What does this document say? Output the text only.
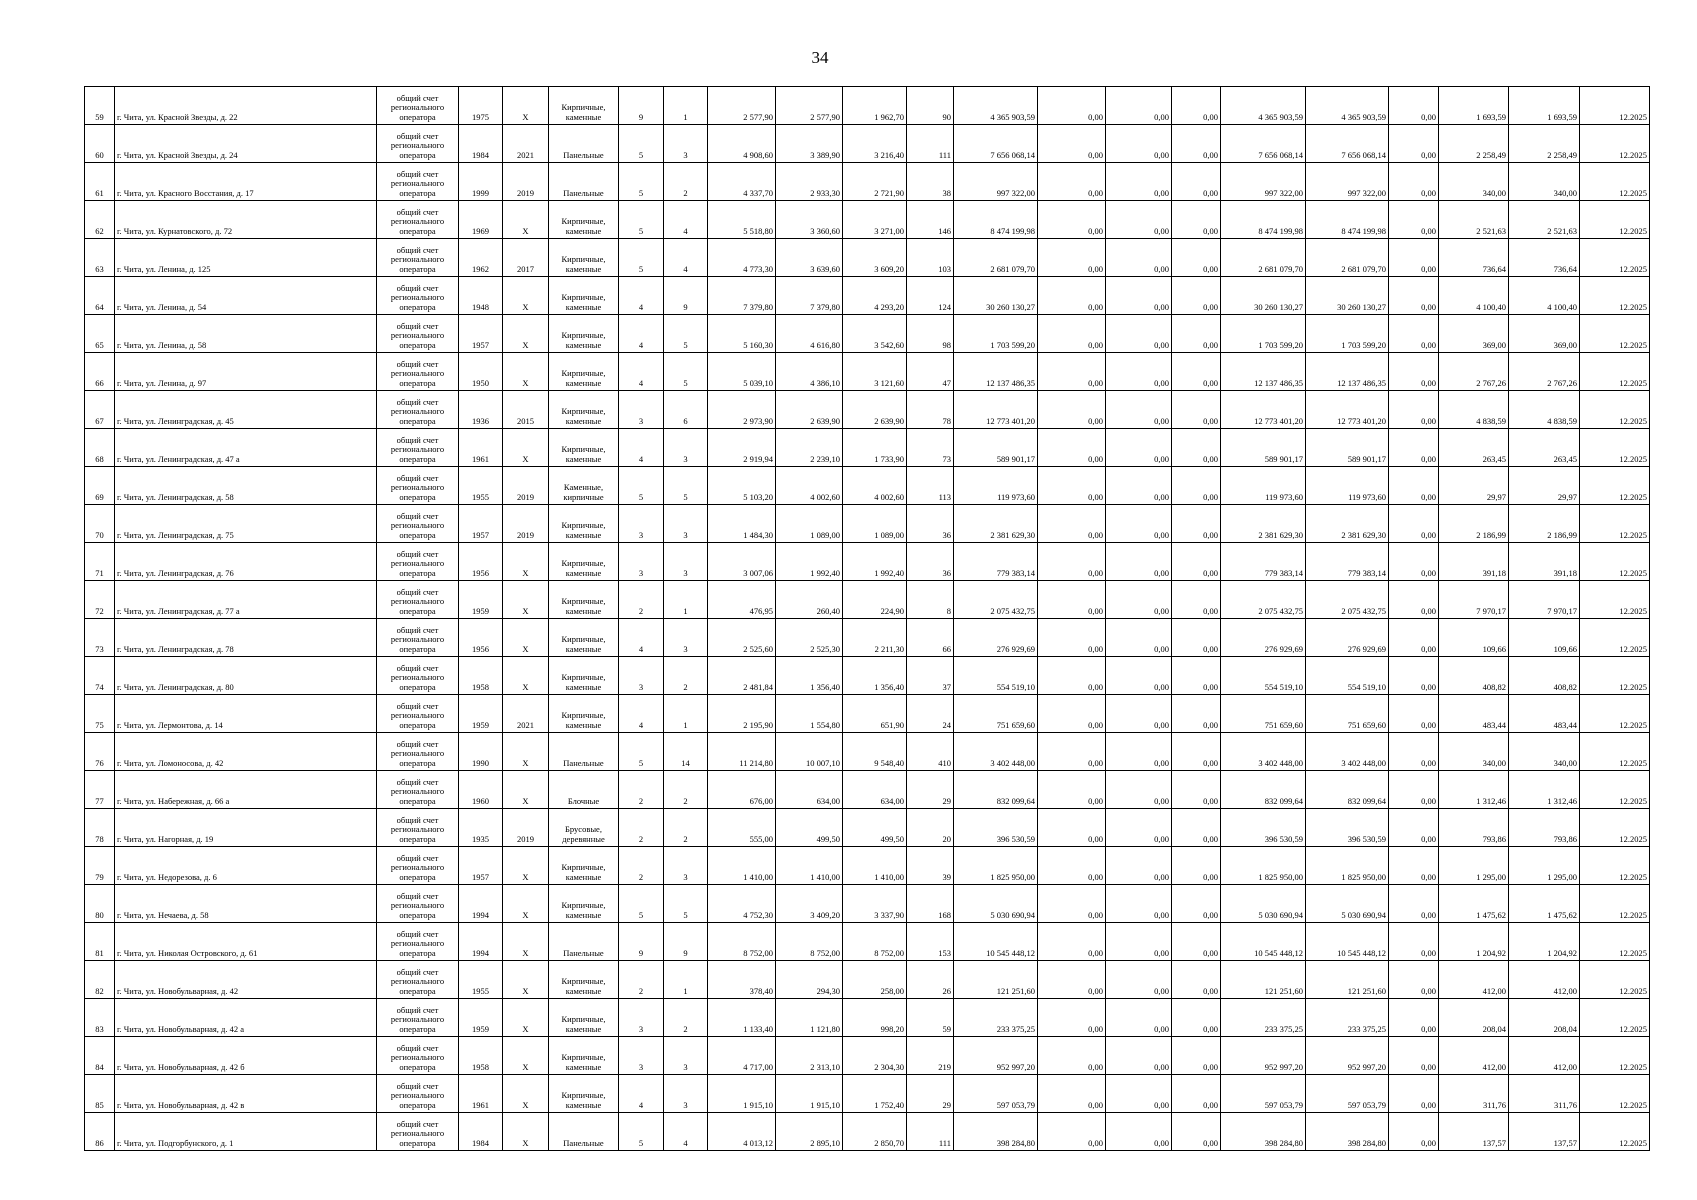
34
59	г. Чита, ул. Красной Звезды, д. 22	общий счет регионального оператора	1975	Х	Кирпичные, каменные	9	1	2 577,90	2 577,90	1 962,70	90	4 365 903,59	0,00	0,00	0,00	4 365 903,59	4 365 903,59	0,00	1 693,59	1 693,59	12.2025
60	г. Чита, ул. Красной Звезды, д. 24	общий счет регионального оператора	1984	2021	Панельные	5	3	4 908,60	3 389,90	3 216,40	111	7 656 068,14	0,00	0,00	0,00	7 656 068,14	7 656 068,14	0,00	2 258,49	2 258,49	12.2025
61	г. Чита, ул. Красного Восстания, д. 17	общий счет регионального оператора	1999	2019	Панельные	5	2	4 337,70	2 933,30	2 721,90	38	997 322,00	0,00	0,00	0,00	997 322,00	997 322,00	0,00	340,00	340,00	12.2025
62	г. Чита, ул. Курнатовского, д. 72	общий счет регионального оператора	1969	Х	Кирпичные, каменные	5	4	5 518,80	3 360,60	3 271,00	146	8 474 199,98	0,00	0,00	0,00	8 474 199,98	8 474 199,98	0,00	2 521,63	2 521,63	12.2025
63	г. Чита, ул. Ленина, д. 125	общий счет регионального оператора	1962	2017	Кирпичные, каменные	5	4	4 773,30	3 639,60	3 609,20	103	2 681 079,70	0,00	0,00	0,00	2 681 079,70	2 681 079,70	0,00	736,64	736,64	12.2025
64	г. Чита, ул. Ленина, д. 54	общий счет регионального оператора	1948	Х	Кирпичные, каменные	4	9	7 379,80	7 379,80	4 293,20	124	30 260 130,27	0,00	0,00	0,00	30 260 130,27	30 260 130,27	0,00	4 100,40	4 100,40	12.2025
65	г. Чита, ул. Ленина, д. 58	общий счет регионального оператора	1957	Х	Кирпичные, каменные	4	5	5 160,30	4 616,80	3 542,60	98	1 703 599,20	0,00	0,00	0,00	1 703 599,20	1 703 599,20	0,00	369,00	369,00	12.2025
66	г. Чита, ул. Ленина, д. 97	общий счет регионального оператора	1950	Х	Кирпичные, каменные	4	5	5 039,10	4 386,10	3 121,60	47	12 137 486,35	0,00	0,00	0,00	12 137 486,35	12 137 486,35	0,00	2 767,26	2 767,26	12.2025
67	г. Чита, ул. Ленинградская, д. 45	общий счет регионального оператора	1936	2015	Кирпичные, каменные	3	6	2 973,90	2 639,90	2 639,90	78	12 773 401,20	0,00	0,00	0,00	12 773 401,20	12 773 401,20	0,00	4 838,59	4 838,59	12.2025
68	г. Чита, ул. Ленинградская, д. 47 а	общий счет регионального оператора	1961	Х	Кирпичные, каменные	4	3	2 919,94	2 239,10	1 733,90	73	589 901,17	0,00	0,00	0,00	589 901,17	589 901,17	0,00	263,45	263,45	12.2025
69	г. Чита, ул. Ленинградская, д. 58	общий счет регионального оператора	1955	2019	Каменные, кирпичные	5	5	5 103,20	4 002,60	4 002,60	113	119 973,60	0,00	0,00	0,00	119 973,60	119 973,60	0,00	29,97	29,97	12.2025
70	г. Чита, ул. Ленинградская, д. 75	общий счет регионального оператора	1957	2019	Кирпичные, каменные	3	3	1 484,30	1 089,00	1 089,00	36	2 381 629,30	0,00	0,00	0,00	2 381 629,30	2 381 629,30	0,00	2 186,99	2 186,99	12.2025
71	г. Чита, ул. Ленинградская, д. 76	общий счет регионального оператора	1956	Х	Кирпичные, каменные	3	3	3 007,06	1 992,40	1 992,40	36	779 383,14	0,00	0,00	0,00	779 383,14	779 383,14	0,00	391,18	391,18	12.2025
72	г. Чита, ул. Ленинградская, д. 77 а	общий счет регионального оператора	1959	Х	Кирпичные, каменные	2	1	476,95	260,40	224,90	8	2 075 432,75	0,00	0,00	0,00	2 075 432,75	2 075 432,75	0,00	7 970,17	7 970,17	12.2025
73	г. Чита, ул. Ленинградская, д. 78	общий счет регионального оператора	1956	Х	Кирпичные, каменные	4	3	2 525,60	2 525,30	2 211,30	66	276 929,69	0,00	0,00	0,00	276 929,69	276 929,69	0,00	109,66	109,66	12.2025
74	г. Чита, ул. Ленинградская, д. 80	общий счет регионального оператора	1958	Х	Кирпичные, каменные	3	2	2 481,84	1 356,40	1 356,40	37	554 519,10	0,00	0,00	0,00	554 519,10	554 519,10	0,00	408,82	408,82	12.2025
75	г. Чита, ул. Лермонтова, д. 14	общий счет регионального оператора	1959	2021	Кирпичные, каменные	4	1	2 195,90	1 554,80	651,90	24	751 659,60	0,00	0,00	0,00	751 659,60	751 659,60	0,00	483,44	483,44	12.2025
76	г. Чита, ул. Ломоносова, д. 42	общий счет регионального оператора	1990	Х	Панельные	5	14	11 214,80	10 007,10	9 548,40	410	3 402 448,00	0,00	0,00	0,00	3 402 448,00	3 402 448,00	0,00	340,00	340,00	12.2025
77	г. Чита, ул. Набережная, д. 66 а	общий счет регионального оператора	1960	Х	Блочные	2	2	676,00	634,00	634,00	29	832 099,64	0,00	0,00	0,00	832 099,64	832 099,64	0,00	1 312,46	1 312,46	12.2025
78	г. Чита, ул. Нагорная, д. 19	общий счет регионального оператора	1935	2019	Брусовые, деревянные	2	2	555,00	499,50	499,50	20	396 530,59	0,00	0,00	0,00	396 530,59	396 530,59	0,00	793,86	793,86	12.2025
79	г. Чита, ул. Недорезова, д. 6	общий счет регионального оператора	1957	Х	Кирпичные, каменные	2	3	1 410,00	1 410,00	1 410,00	39	1 825 950,00	0,00	0,00	0,00	1 825 950,00	1 825 950,00	0,00	1 295,00	1 295,00	12.2025
80	г. Чита, ул. Нечаева, д. 58	общий счет регионального оператора	1994	Х	Кирпичные, каменные	5	5	4 752,30	3 409,20	3 337,90	168	5 030 690,94	0,00	0,00	0,00	5 030 690,94	5 030 690,94	0,00	1 475,62	1 475,62	12.2025
81	г. Чита, ул. Николая Островского, д. 61	общий счет регионального оператора	1994	Х	Панельные	9	9	8 752,00	8 752,00	8 752,00	153	10 545 448,12	0,00	0,00	0,00	10 545 448,12	10 545 448,12	0,00	1 204,92	1 204,92	12.2025
82	г. Чита, ул. Новобульварная, д. 42	общий счет регионального оператора	1955	Х	Кирпичные, каменные	2	1	378,40	294,30	258,00	26	121 251,60	0,00	0,00	0,00	121 251,60	121 251,60	0,00	412,00	412,00	12.2025
83	г. Чита, ул. Новобульварная, д. 42 а	общий счет регионального оператора	1959	Х	Кирпичные, каменные	3	2	1 133,40	1 121,80	998,20	59	233 375,25	0,00	0,00	0,00	233 375,25	233 375,25	0,00	208,04	208,04	12.2025
84	г. Чита, ул. Новобульварная, д. 42 б	общий счет регионального оператора	1958	Х	Кирпичные, каменные	3	3	4 717,00	2 313,10	2 304,30	219	952 997,20	0,00	0,00	0,00	952 997,20	952 997,20	0,00	412,00	412,00	12.2025
85	г. Чита, ул. Новобульварная, д. 42 в	общий счет регионального оператора	1961	Х	Кирпичные, каменные	4	3	1 915,10	1 915,10	1 752,40	29	597 053,79	0,00	0,00	0,00	597 053,79	597 053,79	0,00	311,76	311,76	12.2025
86	г. Чита, ул. Подгорбунского, д. 1	общий счет регионального оператора	1984	Х	Панельные	5	4	4 013,12	2 895,10	2 850,70	111	398 284,80	0,00	0,00	0,00	398 284,80	398 284,80	0,00	137,57	137,57	12.2025
